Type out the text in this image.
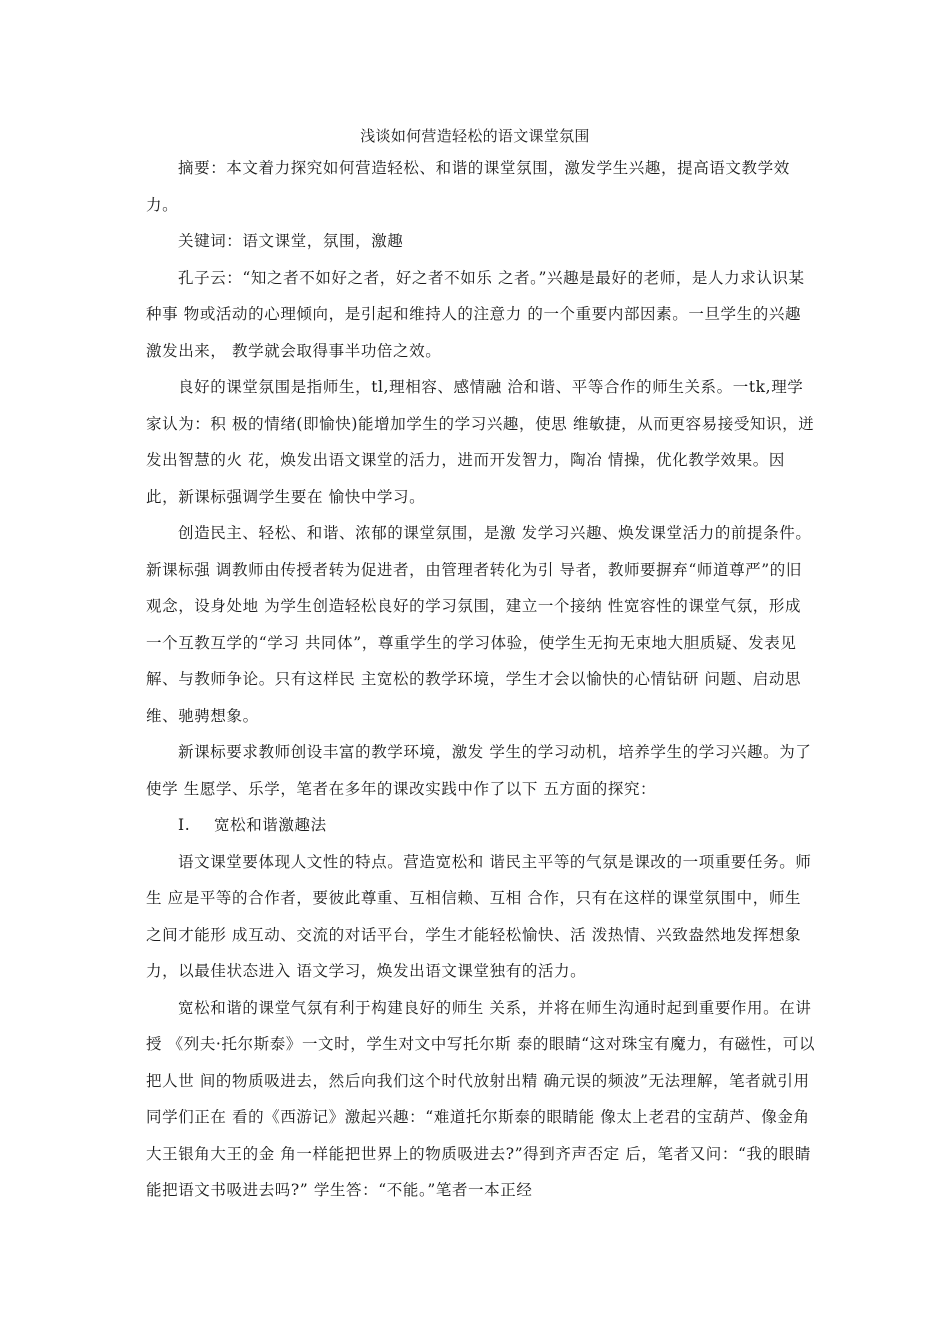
浅谈如何营造轻松的语文课堂氛围

摘要：本文着力探究如何营造轻松、和谐的课堂氛围，激发学生兴趣，提高语文教学效 力。

关键词：语文课堂，氛围，激趣

孔子云：“知之者不如好之者，好之者不如乐 之者。”兴趣是最好的老师，是人力求认识某种事 物或活动的心理倾向，是引起和维持人的注意力 的一个重要内部因素。一旦学生的兴趣激发出来， 教学就会取得事半功倍之效。

良好的课堂氛围是指师生，tl,理相容、感情融 洽和谐、平等合作的师生关系。一tk,理学家认为：积 极的情绪(即愉快)能增加学生的学习兴趣，使思 维敏捷，从而更容易接受知识，迸发出智慧的火 花，焕发出语文课堂的活力，进而开发智力，陶冶 情操，优化教学效果。因此，新课标强调学生要在 愉快中学习。

创造民主、轻松、和谐、浓郁的课堂氛围，是激 发学习兴趣、焕发课堂活力的前提条件。新课标强 调教师由传授者转为促进者，由管理者转化为引 导者，教师要摒弃“师道尊严”的旧观念，设身处地 为学生创造轻松良好的学习氛围，建立一个接纳 性宽容性的课堂气氛，形成一个互教互学的“学习 共同体”，尊重学生的学习体验，使学生无拘无束地大胆质疑、发表见解、与教师争论。只有这样民 主宽松的教学环境，学生才会以愉快的心情钻研 问题、启动思维、驰骋想象。

新课标要求教师创设丰富的教学环境，激发 学生的学习动机，培养学生的学习兴趣。为了使学 生愿学、乐学，笔者在多年的课改实践中作了以下 五方面的探究：

I. 宽松和谐激趣法

语文课堂要体现人文性的特点。营造宽松和 谐民主平等的气氛是课改的一项重要任务。师生 应是平等的合作者，要彼此尊重、互相信赖、互相 合作，只有在这样的课堂氛围中，师生之间才能形 成互动、交流的对话平台，学生才能轻松愉快、活 泼热情、兴致盎然地发挥想象力，以最佳状态进入 语文学习，焕发出语文课堂独有的活力。

宽松和谐的课堂气氛有利于构建良好的师生 关系，并将在师生沟通时起到重要作用。在讲授 《列夫·托尔斯泰》一文时，学生对文中写托尔斯 泰的眼睛“这对珠宝有魔力，有磁性，可以把人世 间的物质吸进去，然后向我们这个时代放射出精 确元误的频波”无法理解，笔者就引用同学们正在 看的《西游记》激起兴趣：“难道托尔斯泰的眼睛能 像太上老君的宝葫芦、像金角大王银角大王的金 角一样能把世界上的物质吸进去?”得到齐声否定 后，笔者又问：“我的眼睛能把语文书吸进去吗?” 学生答：“不能。”笔者一本正经
